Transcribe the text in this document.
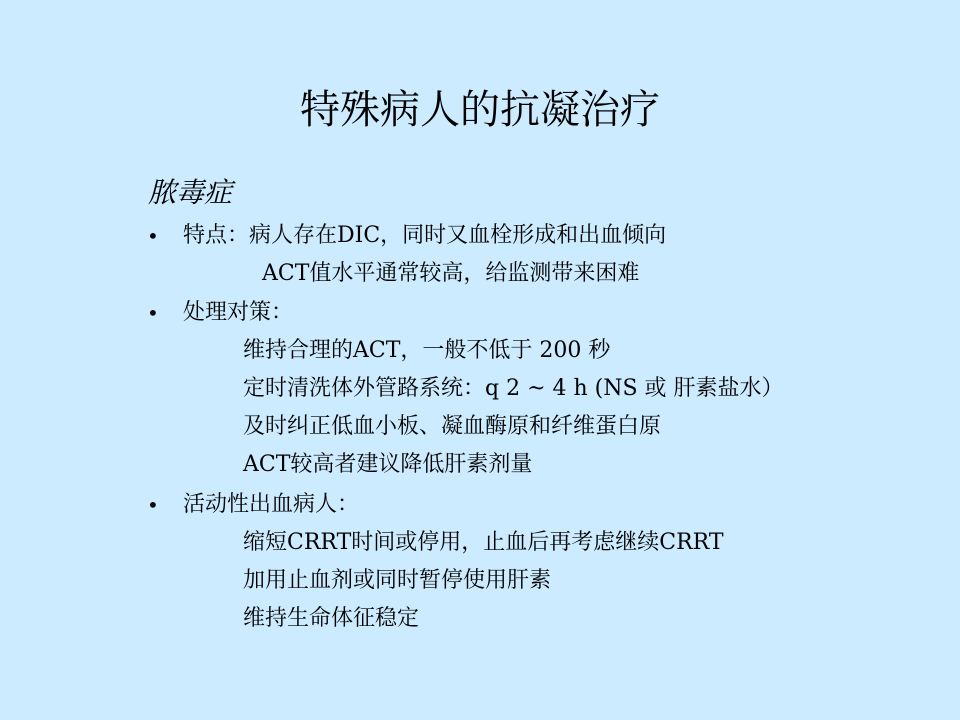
特殊病人的抗凝治疗
脓毒症
• 特点：病人存在DIC，同时又血栓形成和出血倾向
ACT值水平通常较高，给监测带来困难
• 处理对策：
维持合理的ACT，一般不低于 200 秒
定时清洗体外管路系统：q 2 ~ 4 h (NS 或 肝素盐水）
及时纠正低血小板、凝血酶原和纤维蛋白原
ACT较高者建议降低肝素剂量
• 活动性出血病人：
缩短CRRT时间或停用，止血后再考虑继续CRRT
加用止血剂或同时暂停使用肝素
维持生命体征稳定
